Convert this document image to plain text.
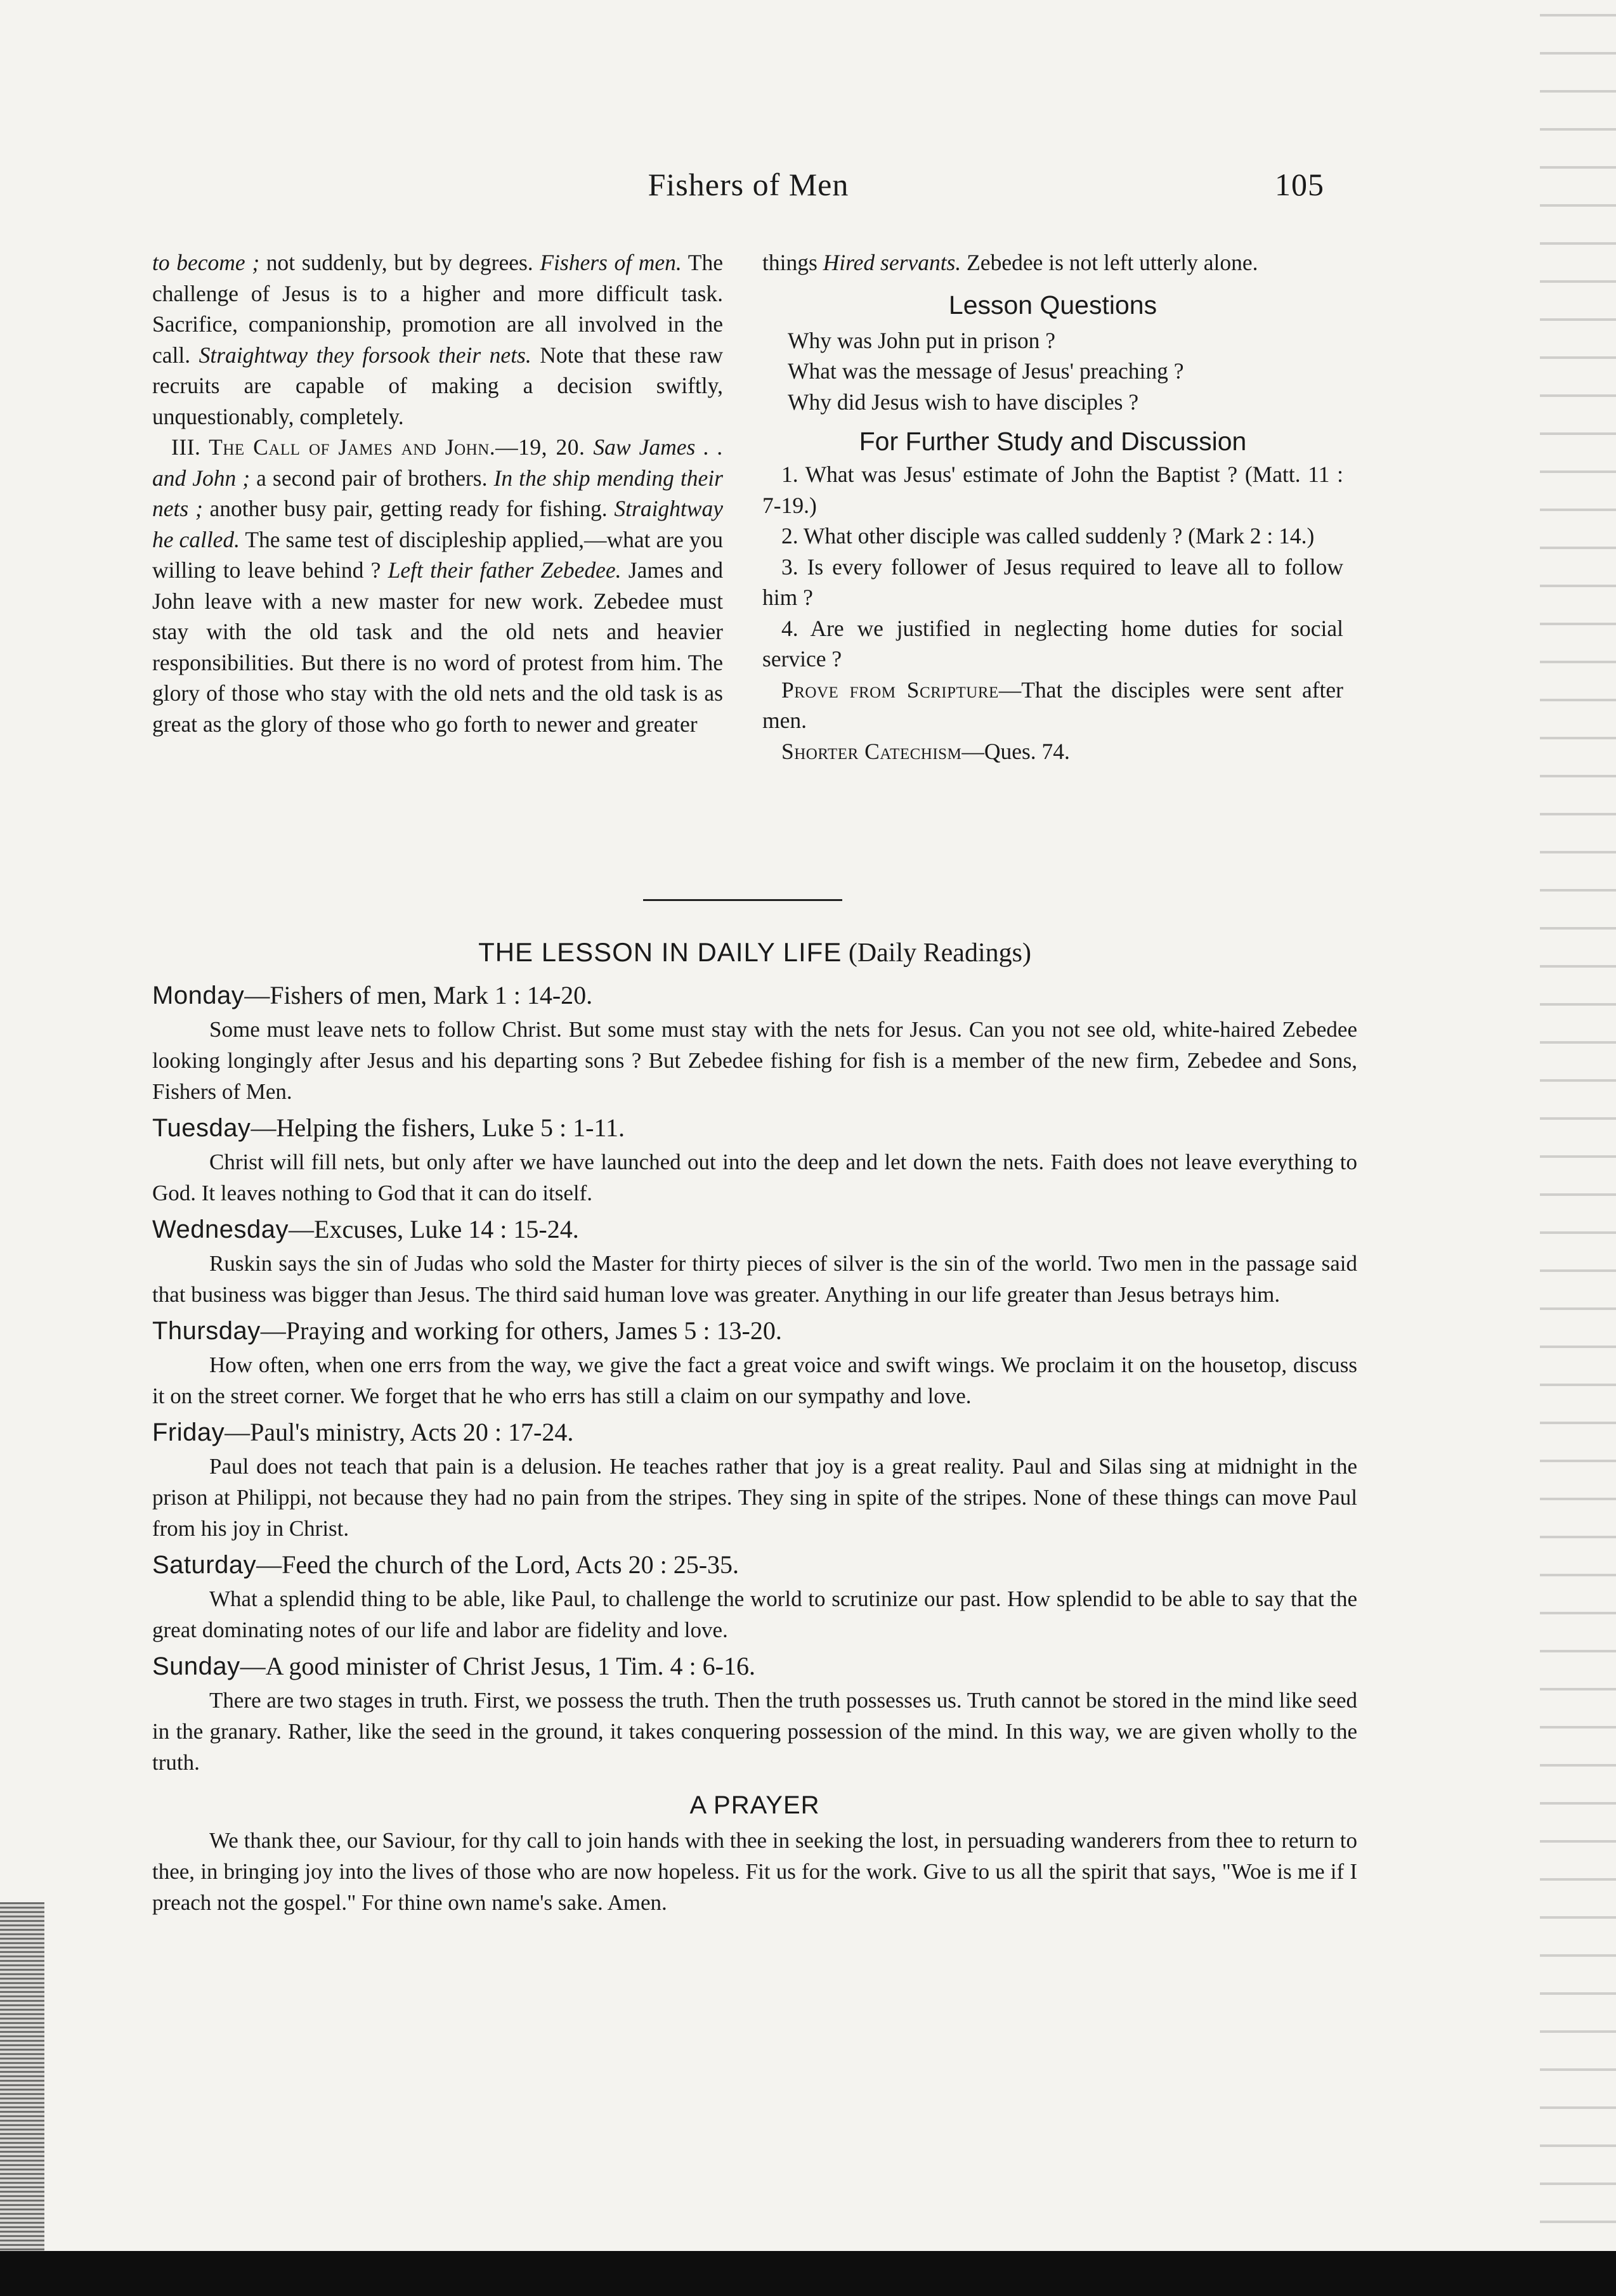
Fishers of Men	105

to become ; not suddenly, but by degrees. Fishers of men. The challenge of Jesus is to a higher and more difficult task. Sacrifice, companionship, promotion are all involved in the call. Straightway they forsook their nets. Note that these raw recruits are capable of making a decision swiftly, unquestionably, completely.

III. The Call of James and John.—19, 20. Saw James . . and John ; a second pair of brothers. In the ship mending their nets ; another busy pair, getting ready for fishing. Straightway he called. The same test of discipleship applied,—what are you willing to leave behind ? Left their father Zebedee. James and John leave with a new master for new work. Zebedee must stay with the old task and the old nets and heavier responsibilities. But there is no word of protest from him. The glory of those who stay with the old nets and the old task is as great as the glory of those who go forth to newer and greater

things Hired servants. Zebedee is not left utterly alone.

Lesson Questions
Why was John put in prison ?
What was the message of Jesus' preaching ?
Why did Jesus wish to have disciples ?
For Further Study and Discussion

1. What was Jesus' estimate of John the Baptist ? (Matt. 11 : 7-19.)

2. What other disciple was called suddenly ? (Mark 2 : 14.)

3. Is every follower of Jesus required to leave all to follow him ?

4. Are we justified in neglecting home duties for social service ?

Prove from Scripture—That the disciples were sent after men.

Shorter Catechism—Ques. 74.

THE LESSON IN DAILY LIFE (Daily Readings)
Monday—Fishers of men, Mark 1 : 14-20.

Some must leave nets to follow Christ. But some must stay with the nets for Jesus. Can you not see old, white-haired Zebedee looking longingly after Jesus and his departing sons ? But Zebedee fishing for fish is a member of the new firm, Zebedee and Sons, Fishers of Men.

Tuesday—Helping the fishers, Luke 5 : 1-11.

Christ will fill nets, but only after we have launched out into the deep and let down the nets. Faith does not leave everything to God. It leaves nothing to God that it can do itself.

Wednesday—Excuses, Luke 14 : 15-24.

Ruskin says the sin of Judas who sold the Master for thirty pieces of silver is the sin of the world. Two men in the passage said that business was bigger than Jesus. The third said human love was greater. Anything in our life greater than Jesus betrays him.

Thursday—Praying and working for others, James 5 : 13-20.

How often, when one errs from the way, we give the fact a great voice and swift wings. We proclaim it on the housetop, discuss it on the street corner. We forget that he who errs has still a claim on our sympathy and love.

Friday—Paul's ministry, Acts 20 : 17-24.

Paul does not teach that pain is a delusion. He teaches rather that joy is a great reality. Paul and Silas sing at midnight in the prison at Philippi, not because they had no pain from the stripes. They sing in spite of the stripes. None of these things can move Paul from his joy in Christ.

Saturday—Feed the church of the Lord, Acts 20 : 25-35.

What a splendid thing to be able, like Paul, to challenge the world to scrutinize our past. How splendid to be able to say that the great dominating notes of our life and labor are fidelity and love.

Sunday—A good minister of Christ Jesus, 1 Tim. 4 : 6-16.

There are two stages in truth. First, we possess the truth. Then the truth possesses us. Truth cannot be stored in the mind like seed in the granary. Rather, like the seed in the ground, it takes conquering possession of the mind. In this way, we are given wholly to the truth.

A PRAYER

We thank thee, our Saviour, for thy call to join hands with thee in seeking the lost, in persuading wanderers from thee to return to thee, in bringing joy into the lives of those who are now hopeless. Fit us for the work. Give to us all the spirit that says, "Woe is me if I preach not the gospel." For thine own name's sake. Amen.
